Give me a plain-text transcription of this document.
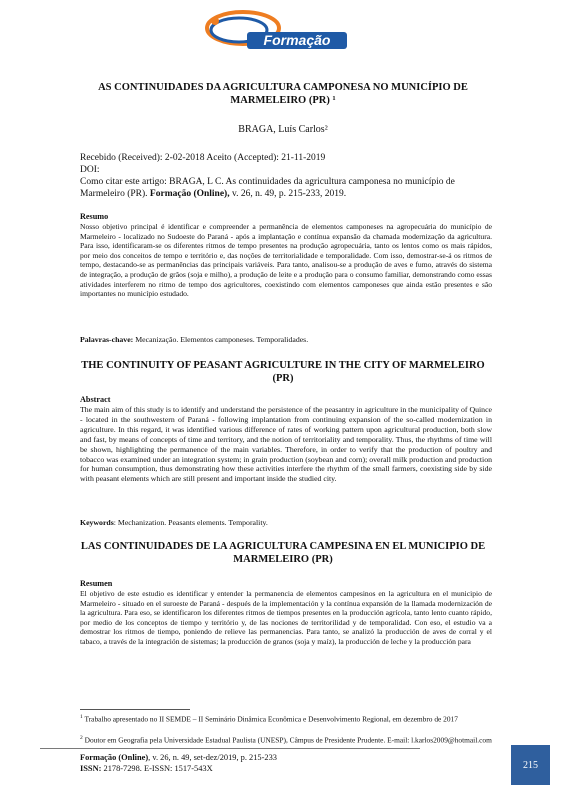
Formação
AS CONTINUIDADES DA AGRICULTURA CAMPONESA NO MUNICÍPIO DE MARMELEIRO (PR) ¹
BRAGA, Luís Carlos²
Recebido (Received): 2-02-2018 Aceito (Accepted): 21-11-2019
DOI:
Como citar este artigo: BRAGA, L C. As continuidades da agricultura camponesa no município de Marmeleiro (PR). Formação (Online), v. 26, n. 49, p. 215-233, 2019.
Resumo
Nosso objetivo principal é identificar e compreender a permanência de elementos camponeses na agropecuária do município de Marmeleiro - localizado no Sudoeste do Paraná - após a implantação e contínua expansão da chamada modernização da agricultura. Para isso, identificaram-se os diferentes ritmos de tempo presentes na produção agropecuária, tanto os lentos como os mais rápidos, por meio dos conceitos de tempo e território e, das noções de territorialidade e temporalidade. Com isso, demostrar-se-á os ritmos de tempo, destacando-se as permanências das principais variáveis. Para tanto, analisou-se a produção de aves e fumo, através do sistema de integração, a produção de grãos (soja e milho), a produção de leite e a produção para o consumo familiar, demonstrando como essas atividades interferem no ritmo de tempo dos agricultores, coexistindo com elementos camponeses que ainda estão presentes e são importantes no município estudado.
Palavras-chave: Mecanização. Elementos camponeses. Temporalidades.
THE CONTINUITY OF PEASANT AGRICULTURE IN THE CITY OF MARMELEIRO (PR)
Abstract
The main aim of this study is to identify and understand the persistence of the peasantry in agriculture in the municipality of Quince - located in the southwestern of Paraná - following implantation from continuing expansion of the so-called modernization in agriculture. In this regard, it was identified various difference of rates of working pattern upon agricultural production, both slow and fast, by means of concepts of time and territory, and the notion of territoriality and temporality. Thus, the rhythms of time will be shown, highlighting the permanence of the main variables. Therefore, in order to verify that the production of poultry and tobacco was examined under an integration system; in grain production (soybean and corn); overall milk production and production for human consumption, thus demonstrating how these activities interfere the rhythm of the small farmers, coexisting side by side with peasant elements which are still present and important inside the studied city.
Keywords: Mechanization. Peasants elements. Temporality.
LAS CONTINUIDADES DE LA AGRICULTURA CAMPESINA EN EL MUNICIPIO DE MARMELEIRO (PR)
Resumen
El objetivo de este estudio es identificar y entender la permanencia de elementos campesinos en la agricultura en el municipio de Marmeleiro - situado en el suroeste de Paraná - después de la implementación y la contínua expansión de la llamada modernización de la agricultura. Para eso, se identificaron los diferentes ritmos de tiempos presentes en la producción agrícola, tanto lento cuanto rápido, por medio de los conceptos de tiempo y território y, de las nociones de territorilidad y de temporalidad. Con eso, el estudio va a demostrar los ritmos de tiempo, poniendo de relieve las permanencias. Para tanto, se analizó la producción de aves de corral y el tabaco, a través de la integración de sistemas; la producción de granos (soja y maíz), la producción de leche y la producción para
$^1$ Trabalho apresentado no II SEMDE – II Seminário Dinâmica Econômica e Desenvolvimento Regional, em dezembro de 2017
$^2$ Doutor em Geografia pela Universidade Estadual Paulista (UNESP), Câmpus de Presidente Prudente. E-mail: l.karlos2009@hotmail.com
Formação (Online), v. 26, n. 49, set-dez/2019, p. 215-233
ISSN: 2178-7298. E-ISSN: 1517-543X	215
